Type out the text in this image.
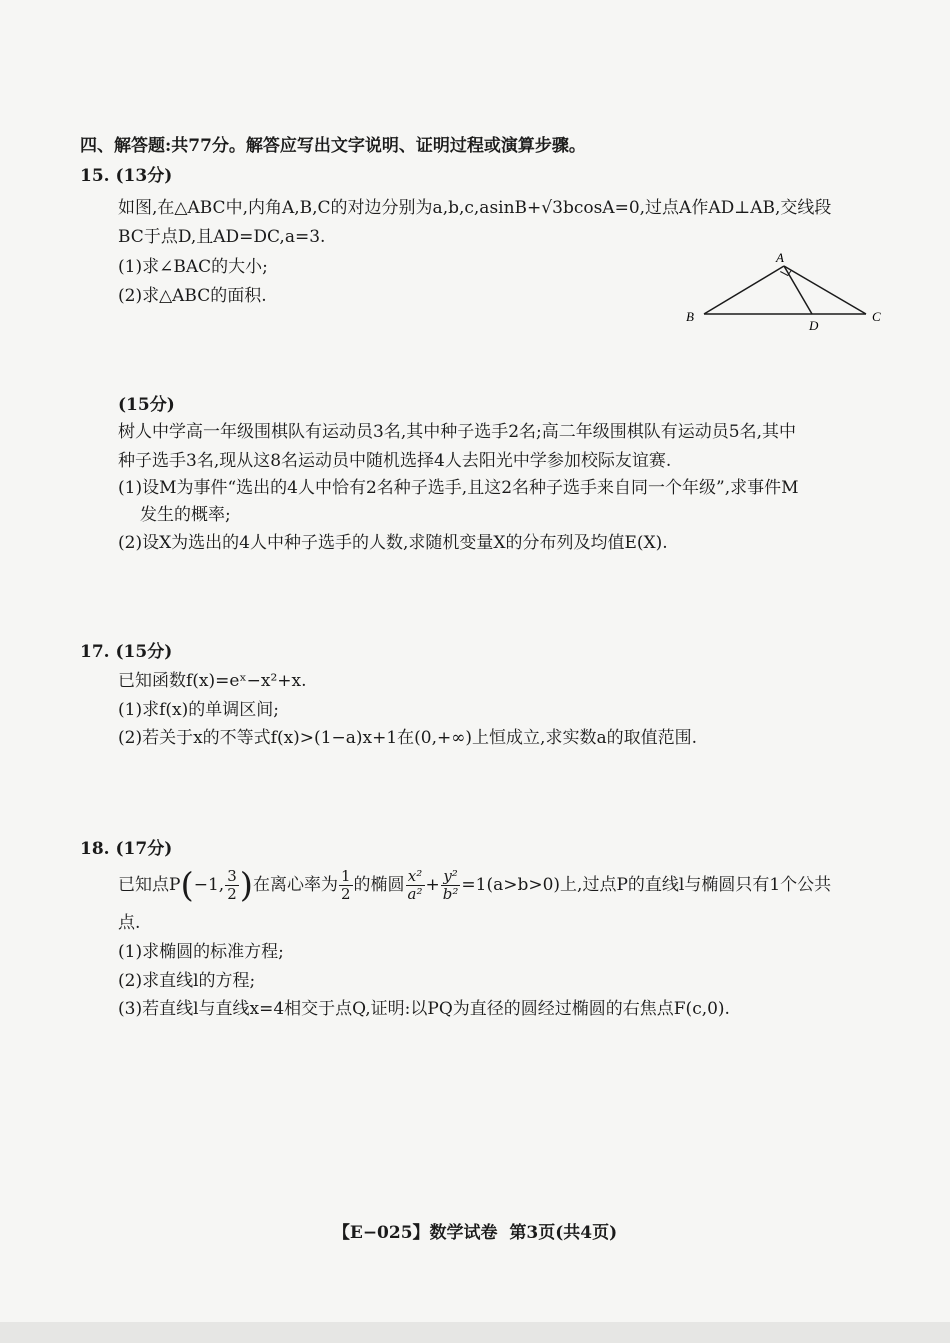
四、解答题:共77分。解答应写出文字说明、证明过程或演算步骤。
15. (13分)
如图,在△ABC中,内角A,B,C的对边分别为a,b,c,asinB+√3bcosA=0,过点A作AD⊥AB,交线段
BC于点D,且AD=DC,a=3.
(1)求∠BAC的大小;
(2)求△ABC的面积.
A
B	C
D
(15分)
树人中学高一年级围棋队有运动员3名,其中种子选手2名;高二年级围棋队有运动员5名,其中
种子选手3名,现从这8名运动员中随机选择4人去阳光中学参加校际友谊赛.
(1)设M为事件“选出的4人中恰有2名种子选手,且这2名种子选手来自同一个年级”,求事件M
发生的概率;
(2)设X为选出的4人中种子选手的人数,求随机变量X的分布列及均值E(X).
17. (15分)
已知函数f(x)=eˣ−x²+x.
(1)求f(x)的单调区间;
(2)若关于x的不等式f(x)>(1−a)x+1在(0,+∞)上恒成立,求实数a的取值范围.
18. (17分)
已知点P(−1, $\frac{3}{2}$ )在离心率为 $\frac{1}{2}$ 的椭圆 $\frac{\text{x²}}{\text{a²}} + \frac{\text{y²}}{\text{b²}} =1(a>b>0)$上,过点P的直线l与椭圆只有1个公共
点.
(1)求椭圆的标准方程;
(2)求直线l的方程;
(3)若直线l与直线x=4相交于点Q,证明:以PQ为直径的圆经过椭圆的右焦点F(c,0).
【E−025】数学试卷  第3页(共4页)
